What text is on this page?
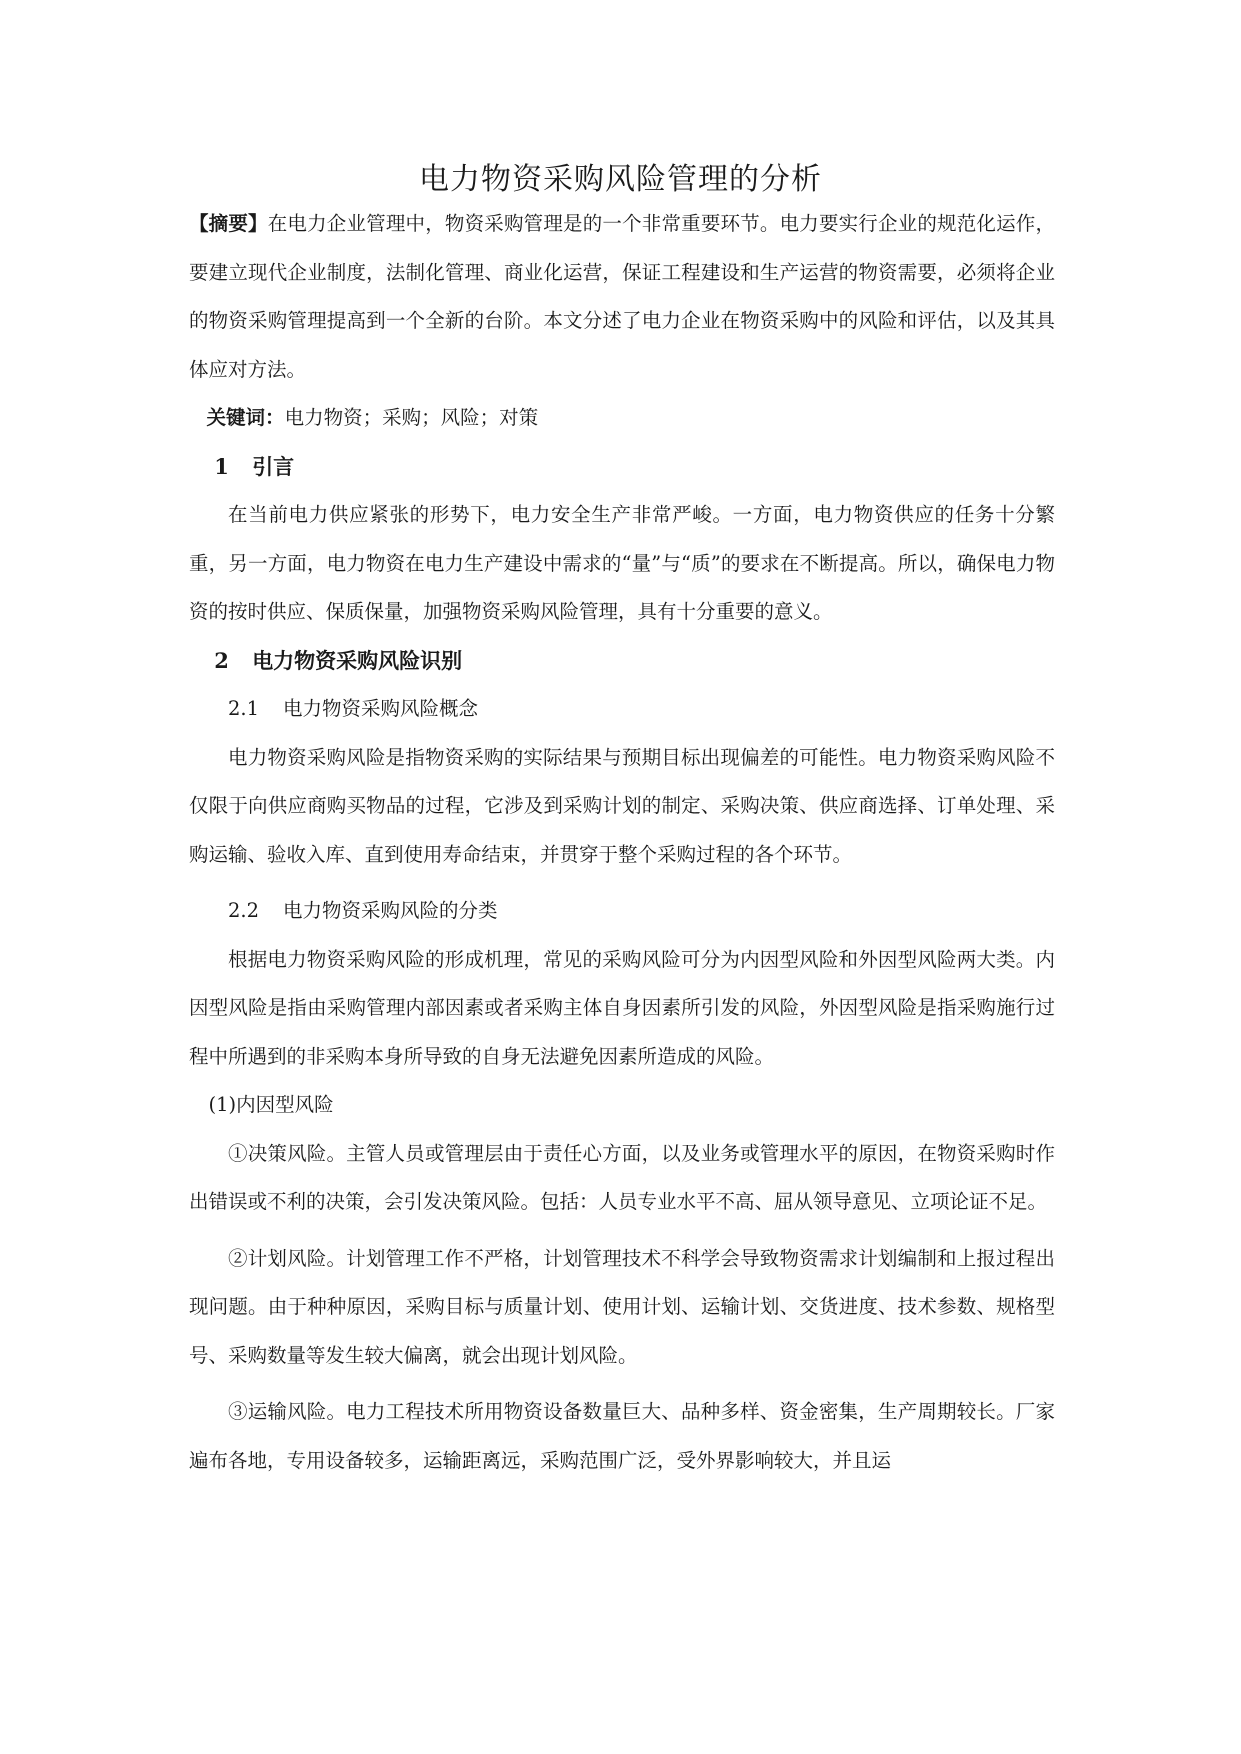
电力物资采购风险管理的分析

【摘要】在电力企业管理中，物资采购管理是的一个非常重要环节。电力要实行企业的规范化运作，要建立现代企业制度，法制化管理、商业化运营，保证工程建设和生产运营的物资需要，必须将企业的物资采购管理提高到一个全新的台阶。本文分述了电力企业在物资采购中的风险和评估，以及其具体应对方法。

关键词：电力物资；采购；风险；对策

1 引言

在当前电力供应紧张的形势下，电力安全生产非常严峻。一方面，电力物资供应的任务十分繁重，另一方面，电力物资在电力生产建设中需求的“量”与“质”的要求在不断提高。所以，确保电力物资的按时供应、保质保量，加强物资采购风险管理，具有十分重要的意义。

2 电力物资采购风险识别

2.1 电力物资采购风险概念

电力物资采购风险是指物资采购的实际结果与预期目标出现偏差的可能性。电力物资采购风险不仅限于向供应商购买物品的过程，它涉及到采购计划的制定、采购决策、供应商选择、订单处理、采购运输、验收入库、直到使用寿命结束，并贯穿于整个采购过程的各个环节。

2.2 电力物资采购风险的分类

根据电力物资采购风险的形成机理，常见的采购风险可分为内因型风险和外因型风险两大类。内因型风险是指由采购管理内部因素或者采购主体自身因素所引发的风险，外因型风险是指采购施行过程中所遇到的非采购本身所导致的自身无法避免因素所造成的风险。

(1)内因型风险

①决策风险。主管人员或管理层由于责任心方面，以及业务或管理水平的原因，在物资采购时作出错误或不利的决策，会引发决策风险。包括：人员专业水平不高、屈从领导意见、立项论证不足。

②计划风险。计划管理工作不严格，计划管理技术不科学会导致物资需求计划编制和上报过程出现问题。由于种种原因，采购目标与质量计划、使用计划、运输计划、交货进度、技术参数、规格型号、采购数量等发生较大偏离，就会出现计划风险。

③运输风险。电力工程技术所用物资设备数量巨大、品种多样、资金密集，生产周期较长。厂家遍布各地，专用设备较多，运输距离远，采购范围广泛，受外界影响较大，并且运
